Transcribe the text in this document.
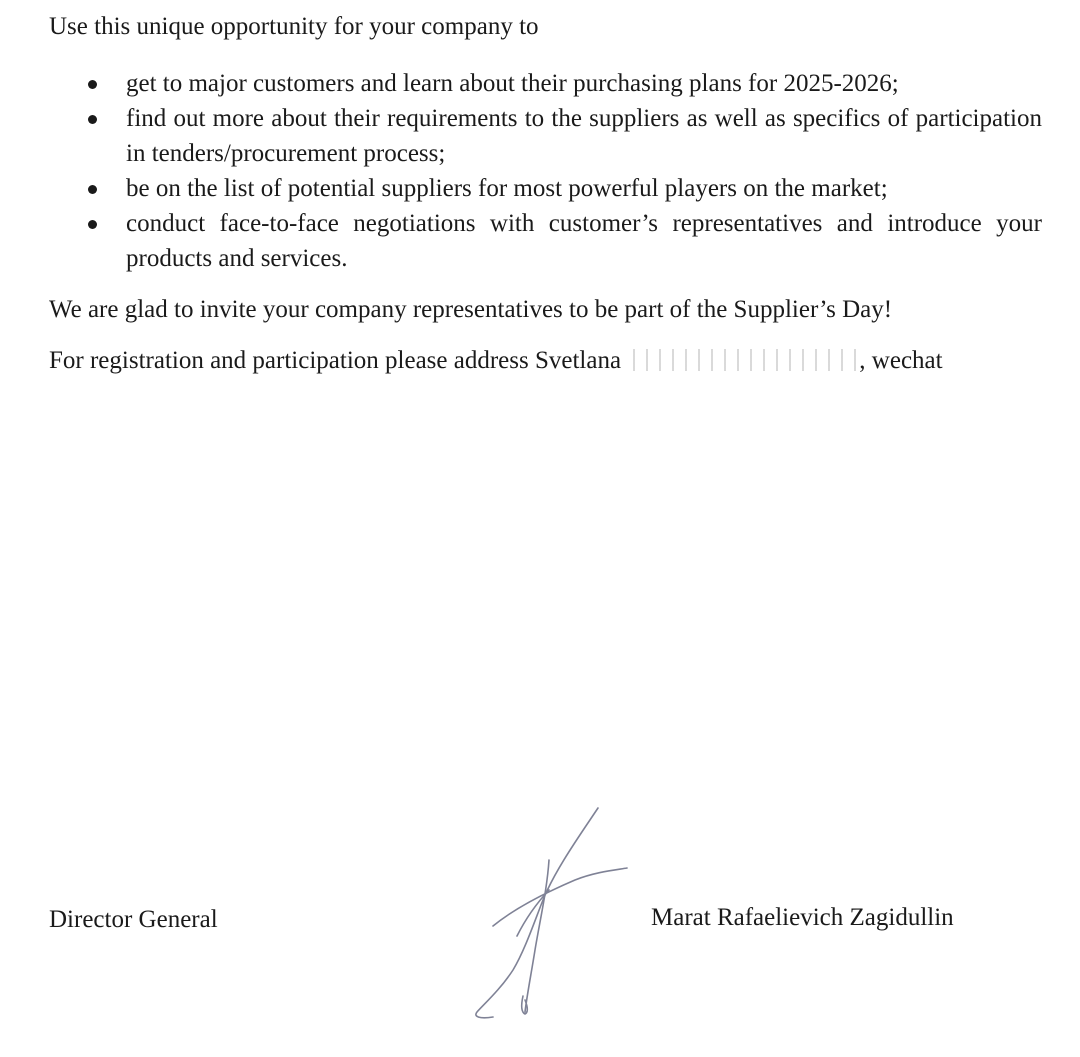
Use this unique opportunity for your company to
get to major customers and learn about their purchasing plans for 2025-2026;
find out more about their requirements to the suppliers as well as specifics of participation in tenders/procurement process;
be on the list of potential suppliers for most powerful players on the market;
conduct face-to-face negotiations with customer’s representatives and introduce your products and services.
We are glad to invite your company representatives to be part of the Supplier’s Day!
For registration and participation please address Svetlana	, wechat
Director General	Marat Rafaelievich Zagidullin
